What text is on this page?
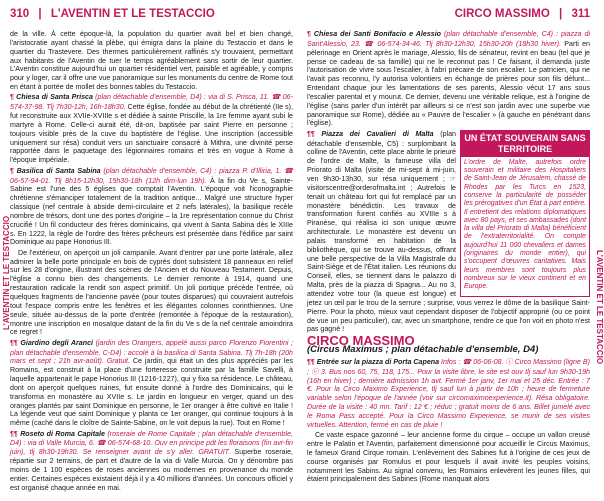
310 | L'AVENTIN ET LE TESTACCIO	CIRCO MASSIMO | 311
L'AVENTIN ET LE TESTACCIO	L'AVENTIN ET LE TESTACCIO

de la ville. À cette époque-là, la population du quartier avait bel et bien changé, l'aristocratie ayant chassé la plèbe, qui émigra dans la plaine du Testaccio et dans le quartier du Trastevere. Des thermes particulièrement raffinés s'y trouvaient, permettant aux habitants de l'Aventin de tuer le temps agréablement sans sortir de leur quartier. L'Aventin constitue aujourd'hui un quartier résidentiel vert, paisible et agréable, y compris pour y loger, car il offre une vue panoramique sur les monuments du centre de Rome tout en étant à portée de mollet des bonnes tables du Testaccio.

¶ Chiesa di Santa Prisca (plan détachable d'ensemble, D4) : via di S. Prisca, 11. ☎ 06-574-37-98. Tlj 7h30-12h, 16h-18h30. Cette église, fondée au début de la chrétienté (IIe s), fut reconstruite aux XVIIe-XVIIIe s et dédiée à sainte Priscille, la 1re femme ayant subi le martyre à Rome. Celle-ci aurait été, dit-on, baptisée par saint Pierre en personne ; toujours visible près de la cuve du baptistère de l'église. Une inscription (accessible uniquement sur résa) conduit vers un sanctuaire consacré à Mithra, une divinité perse rapportée dans le paquetage des légionnaires romains et très en vogue à Rome à l'époque impériale.

¶ Basilica di Santa Sabina (plan détachable d'ensemble, C4) : piazza P. d'Illiria, 1. ☎ 06-57-94-01. Tlj 8h15-12h30, 15h30-18h (12h dim-lun 19h). À la fin du Ve s, Sainte-Sabine est l'une des 5 églises que comptait l'Aventin. L'époque voit l'iconographie chrétienne s'émanciper totalement de la tradition antique... Malgré une structure hyper classique (nef centrale à abside demi-circulaire et 2 nefs latérales), la basilique recèle nombre de trésors, dont une des portes d'origine – la 1re représentation connue du Christ crucifié ! Un fil conducteur des frères dominicains, qui vivent à Santa Sabina dès le XIIIe s. En 1222, la règle de l'ordre des frères prêcheurs est présentée dans l'édifice par saint Dominique au pape Honorius III.

De l'extérieur, on aperçoit un joli campanile. Avant d'entrer par une porte latérale, allez admirer la belle porte principale en bois de cyprès dont subsistent 18 panneaux en relief sur les 28 d'origine, illustrant des scènes de l'Ancien et du Nouveau Testament. Depuis, l'église a connu bien des changements. Le dernier remonte à 1914, quand une restauration radicale la rendit son aspect primitif. Un joli portique précède l'entrée, où quelques fragments de l'ancienne pavée (pour toutes disparues) qui couvraient autrefois tout l'espace compris entre les fenêtres et les élégantes colonnes corinthiennes. Une seule, située au-dessus de la porte d'entrée (remontée à l'époque de la restauration), montre une inscription en mosaïque datant de la fin du Ve s de la nef centrale amoindrira ce regret !

¶¶ Giardino degli Aranci (jardin des Orangers, appelé aussi parco Florenzo Fiorentini ; plan détachable d'ensemble, C-D4) : accolé à la basilica di Santa Sabina. Tlj 7h-18h (20h mars et sept ; 21h avr-août). Gratuit. Ce jardin, qui était un des plus appréciés par les Romains, est construit à la place d'une forteresse construite par la famille Savelli, à laquelle appartenait le pape Honorius III (1216-1227), qui y fixa sa résidence. Le château, dont on aperçoit quelques ruines, fut ensuite donné à l'ordre des Dominicains, qui le transforma en monastère au XVIIe s. Le jardin en longueur en verger, quand un des oranges plantés par saint Dominique en personne, le 1er oranger à être cultivé en Italie ! La légende veut que saint Dominique y planta ce 1er oranger, qui continue toujours à la même (caché dans le cloître de Sainte-Sabine, on le voit depuis la rue). Tout en Rome !

¶¶ Roseto di Roma Capitale (roseraie de Rome Capitale ; plan détachable d'ensemble, D4) : via di Valle Murcia, 6. ☎ 06-574-68-10. Ouv en principe pdt les floraisons (fin avr-fin juin), tlj 8h30-19h30. Se renseigner avant de s'y aller. GRATUIT. Superbe roseraie, répartie sur 2 terrains, de part et d'autre de la via di Valle Murcia. On y dénombre pas moins de 1 100 espèces de roses anciennes ou modernes en provenance du monde entier. Certaines espèces existaient déjà il y a 40 millions d'années. Un concours officiel y est organisé chaque année en mai.

¶ Chiesa dei Santi Bonifacio e Alessio (plan détachable d'ensemble, C4) : piazza di Sant'Alessio, 23. ☎ 06-574-34-46. Tlj 8h30-12h30, 15h30-20h (18h30 hiver). Parti en pèlerinage en Orient après le mariage, Alessio, fils de sénateur, revint en beau (tel que je pense ce cadeau de sa famille) qui ne le reconnut pas ! Ce faisant, il demanda juste l'autorisation de vivre sous l'escalier, à l'abri précaire de son escalier. Le patricien, qui ne l'avait pas reconnu, l'y autorisa volontiers en échange de prières pour son fils défunt... Entendant chaque jour les lamentations de ses parents, Alessio vécut 17 ans sous l'escalier parental et y mourut. Ce dernier, devenu une véritable relique, est à l'origine de l'église (sans parler d'un intérêt par ailleurs si ce n'est son jardin avec une superbe vue panoramique sur Rome), dédiée au « Pauvre de l'escalier » (à gauche en pénétrant dans l'église).

UN ÉTAT SOUVERAIN SANS TERRITOIRE
L'ordre de Malte, autrefois ordre souverain et militaire des Hospitaliers de Saint-Jean de Jérusalem, chassé de Rhodes par les Turcs en 1523, conserve la particularité de posséder les prérogatives d'un État à part entière. Il entretient des relations diplomatiques avec 80 pays, et ses ambassades (dont la villa del Priorato di Malta) bénéficient de l'extraterritorialité. On compte aujourd'hui 11 000 chevaliers et dames (originaires du monde entier), qui s'occupent d'œuvres caritatives. Mais leurs membres sont toujours plus nombreux sur le vieux continent et en Europe.

¶¶ Piazza dei Cavalieri di Malta (plan détachable d'ensemble, C5) : surplombant la colline de l'Aventin, cette place abrite le prieuré de l'ordre de Malte, la fameuse villa del Priorato di Malta (visite de mi-sept à mi-juin, ven 9h30-13h30, sur résa uniquement ; ☞ visitorscentre@orderofmalta.int ; Autrefois le tenait un château fort qui fut remplacé par un monastère bénédictin. Les travaux de transformation furent confiés au XVIIIe s à Piranèse, qui réalisa ici son unique œuvre architecturale. Le monastère est devenu un palais transformé en habitation de la bibliothèque, qui se trouve au-dessus, offrant une belle perspective de la Villa Magistrale du Saint-Siège et de l'État italien. Les réunions du Conseil, elles, se tiennent dans le palazzo di Malta, près de la piazza di Spagna... Au no 3, attendez votre tour (la queue est longue) et jetez un œil par le trou de la serrure ; surprise, vous verrez le dôme de la basilique Saint-Pierre. Pour la photo, mieux vaut cependant disposer de l'objectif approprié (ou ce point de vue un peu particulier), car, avec un smartphone, rendre ce que l'on voit en photo n'est pas gagné !

CIRCO MASSIMO
(Circus Maximus ; plan détachable d'ensemble, D4)

¶¶ Entrée sur la piazza di Porta Capena Infos : ☎ 06-06-08. ⓘ Circo Massimo (ligne B) ; ⓔ 3. Bus nos 60, 75, 118, 175... Pour la visite libre, le site est ouv tlj sauf lun 9h30-19h (16h en hiver) ; dernière admission 1h avt. Fermé 1er janv, 1er mai et 25 déc. Entrée : 7 €. Pour la Circo Maximo Experience, tlj sauf lun à partir de 10h ; heure de fermeture variable selon l'époque de l'année (voir sur circomaximoexperience.it). Résa obligatoire. Durée de la visite : 40 mn. Tarif : 12 € ; réduc ; gratuit moins de 6 ans. Billet jumelé avec le Roma Pass accepté. Pour la Circo Massimo Experience, se munir de ses visites virtuelles. Attention, fermé en cas de pluie !

Ce vaste espace gazonné – leur ancienne forme du cirque – occupe un vallon creusé entre le Palatin et l'Aventin, parfaitement dimensionné pour accueillir le Circus Maximus, le fameux Grand Cirque romain. L'enlèvement des Sabines fut à l'origine de ces jeux de course organisés par Romulus et pour lesquels il avait invité les peuples voisins, notamment les Sabins. Au signal convenu, les Romains enlevèrent les jeunes filles, qui étaient principalement des Sabines (Rome manquait alors
